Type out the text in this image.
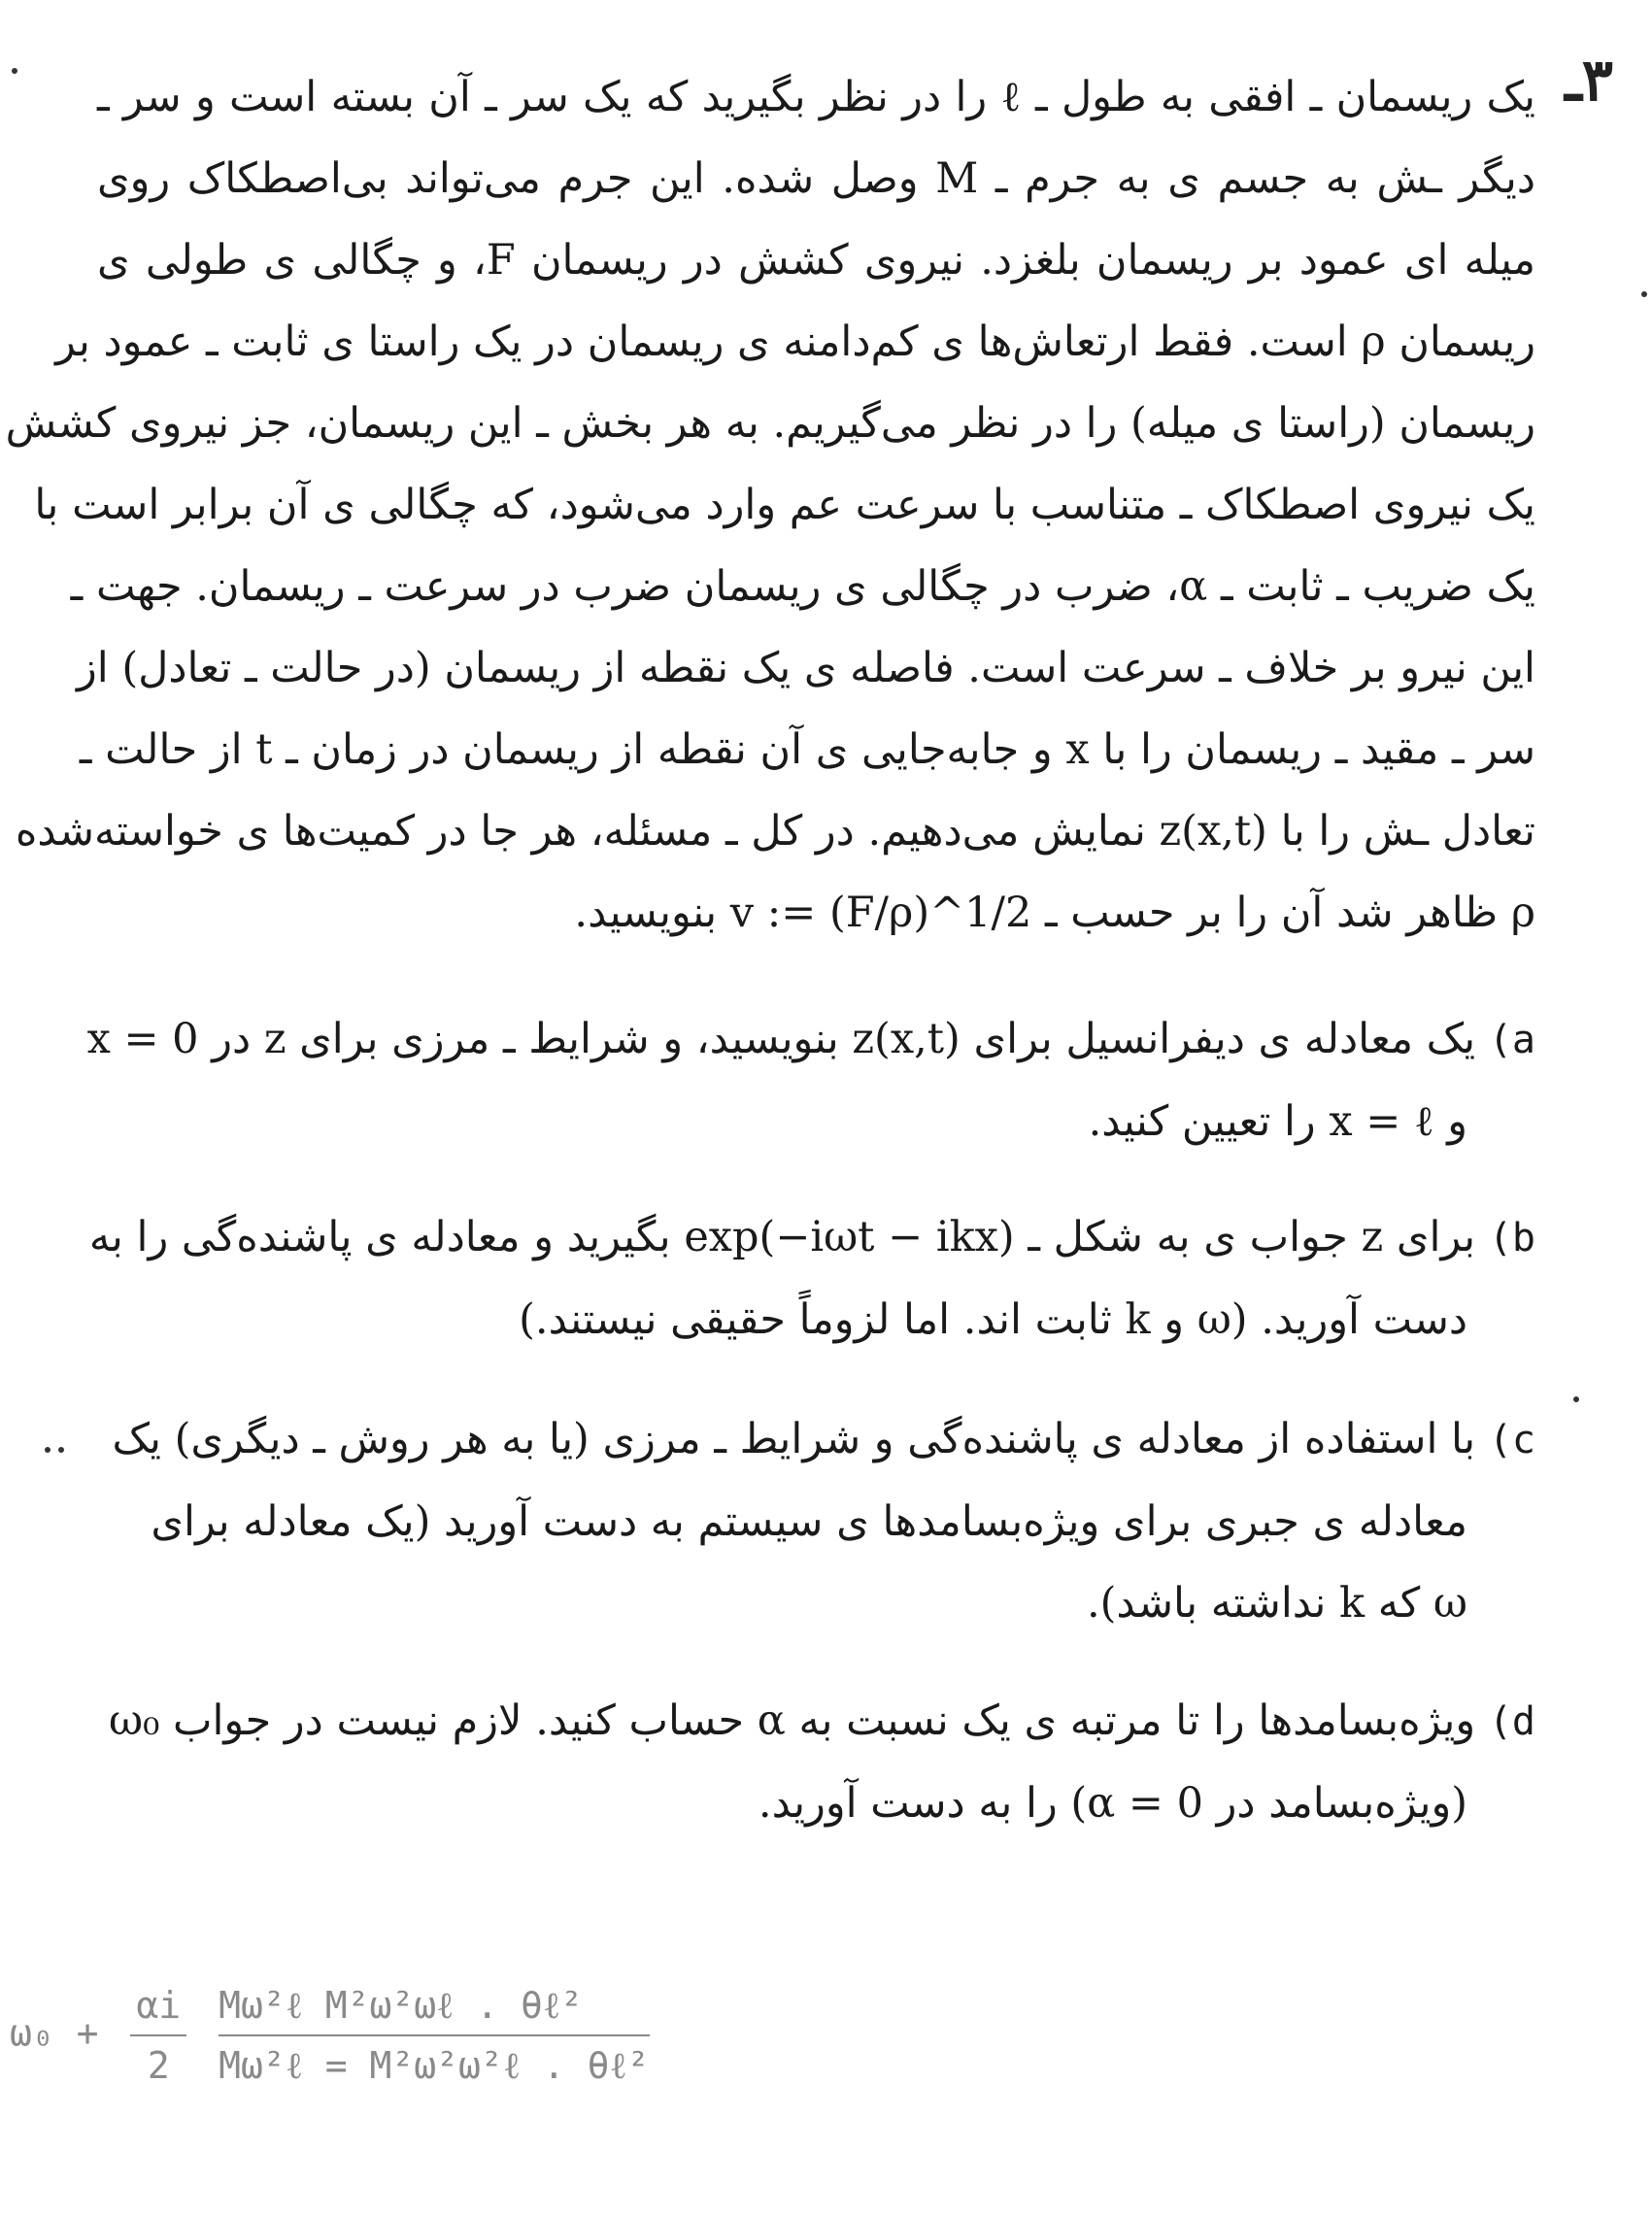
۳ـ
یک ریسمان ـ افقی به طول ـ ℓ را در نظر بگیرید که یک سر ـ آن بسته است و سر ـ
دیگر ـش به جسم ی به جرم ـ M وصل شده. این جرم می‌تواند بی‌اصطکاک روی
میله ای عمود بر ریسمان بلغزد. نیروی کشش در ریسمان F، و چگالی ی طولی ی
ریسمان ρ است. فقط ارتعاش‌ها ی کم‌دامنه ی ریسمان در یک راستا ی ثابت ـ عمود بر
ریسمان (راستا ی میله) را در نظر می‌گیریم. به هر بخش ـ این ریسمان، جز نیروی کشش
یک نیروی اصطکاک ـ متناسب با سرعت عم وارد می‌شود، که چگالی ی آن برابر است با
یک ضریب ـ ثابت ـ α، ضرب در چگالی ی ریسمان ضرب در سرعت ـ ریسمان. جهت ـ
این نیرو بر خلاف ـ سرعت است. فاصله ی یک نقطه از ریسمان (در حالت ـ تعادل) از
سر ـ مقید ـ ریسمان را با x و جابه‌جایی ی آن نقطه از ریسمان در زمان ـ t از حالت ـ
تعادل ـش را با z(x,t) نمایش می‌دهیم. در کل ـ مسئله، هر جا در کمیت‌ها ی خواسته‌شده
ρ ظاهر شد آن را بر حسب ـ v := (F/ρ)^1/2 بنویسید.
a) یک معادله ی دیفرانسیل برای z(x,t) بنویسید، و شرایط ـ مرزی برای z در x = 0
و x = ℓ را تعیین کنید.
b) برای z جواب ی به شکل ـ exp(−iωt − ikx) بگیرید و معادله ی پاشنده‌گی را به
دست آورید. (ω و k ثابت اند. اما لزوماً حقیقی نیستند.)
c) با استفاده از معادله ی پاشنده‌گی و شرایط ـ مرزی (یا به هر روش ـ دیگری) یک
معادله ی جبری برای ویژه‌بسامدها ی سیستم به دست آورید (یک معادله برای
ω که k نداشته باشد).
d) ویژه‌بسامدها را تا مرتبه ی یک نسبت به α حساب کنید. لازم نیست در جواب ω₀
(ویژه‌بسامد در α = 0) را به دست آورید.
$\omega_0 + \frac{\alpha i}{2}$
Mω²ℓ M²ω²ωℓ . θℓ²
Mω²ℓ = M²ω²ω²ℓ . θℓ²
